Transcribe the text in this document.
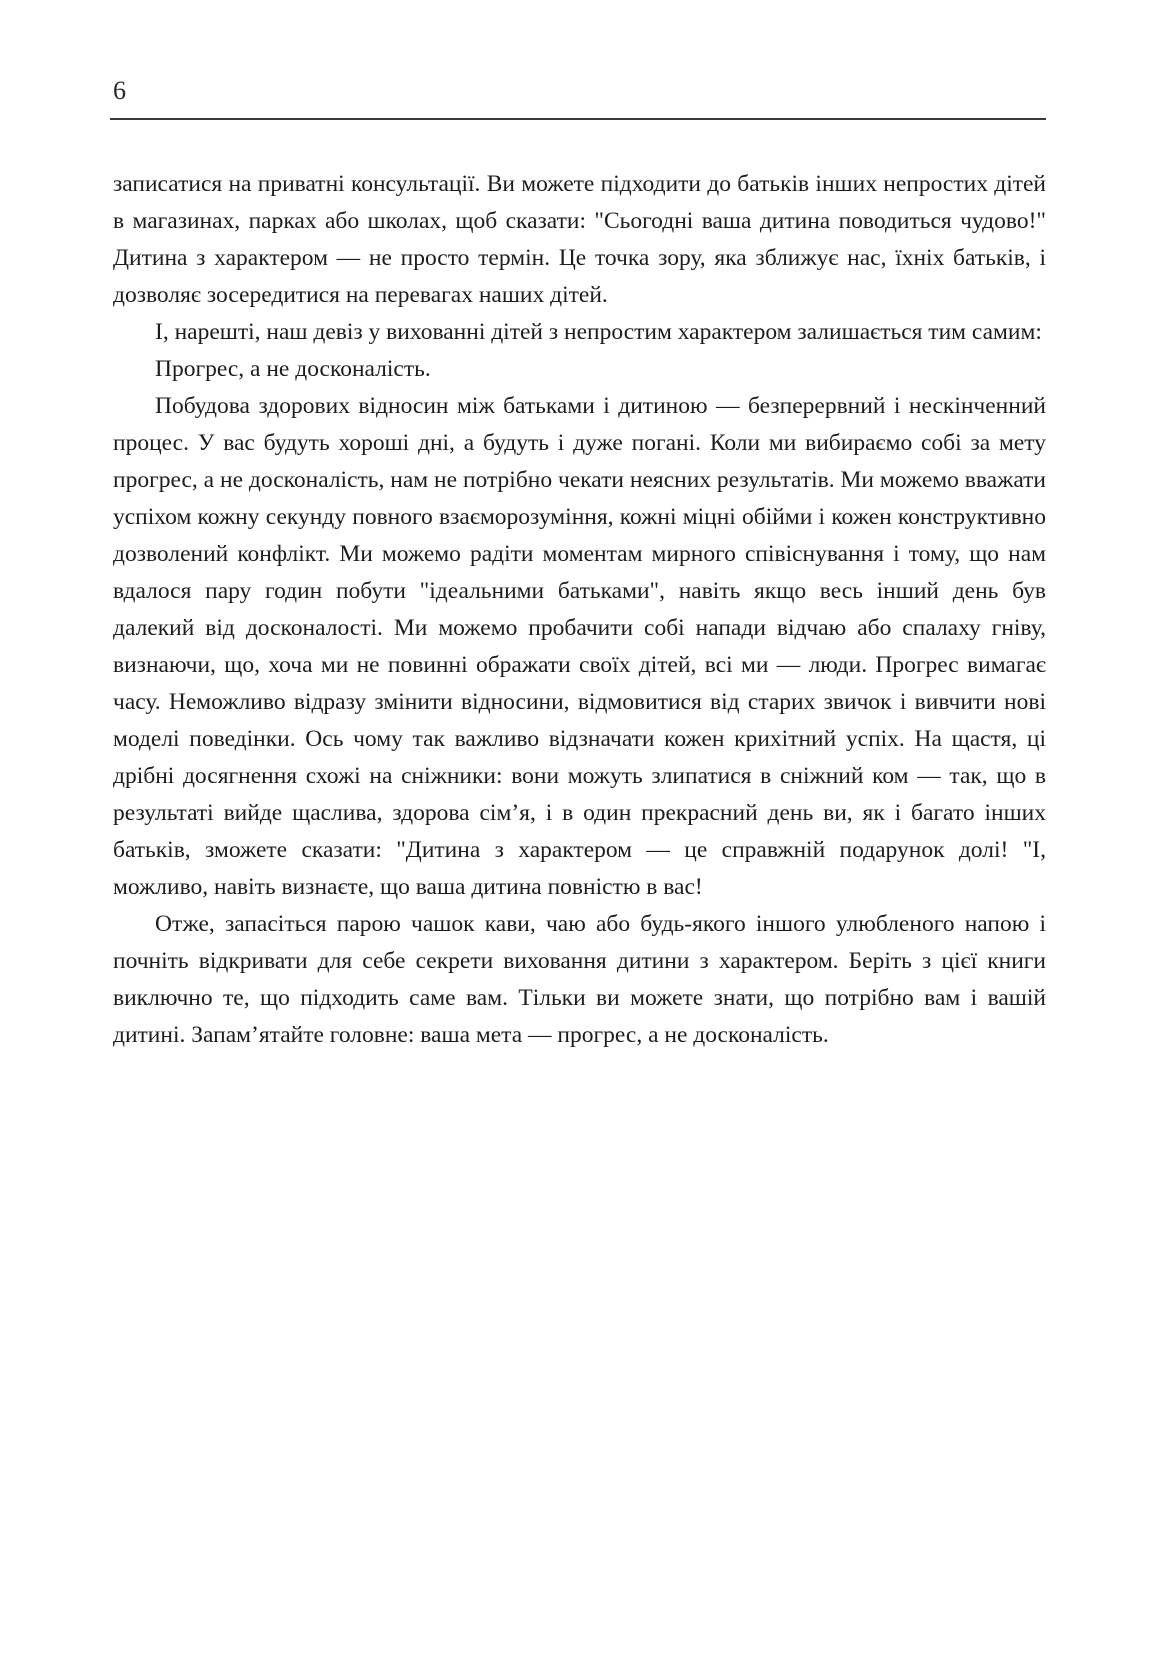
6

записатися на приватні консультації. Ви можете підходити до батьків інших непростих дітей в магазинах, парках або школах, щоб сказати: "Сьогодні ваша дитина поводиться чудово!" Дитина з характером — не просто термін. Це точка зору, яка зближує нас, їхніх батьків, і дозволяє зосередитися на перевагах наших дітей.

І, нарешті, наш девіз у вихованні дітей з непростим характером залишається тим самим:

Прогрес, а не досконалість.

Побудова здорових відносин між батьками і дитиною — безперервний і нескінченний процес. У вас будуть хороші дні, а будуть і дуже погані. Коли ми вибираємо собі за мету прогрес, а не досконалість, нам не потрібно чекати неясних результатів. Ми можемо вважати успіхом кожну секунду повного взаєморозуміння, кожні міцні обійми і кожен конструктивно дозволений конфлікт. Ми можемо радіти моментам мирного співіснування і тому, що нам вдалося пару годин побути "ідеальними батьками", навіть якщо весь інший день був далекий від досконалості. Ми можемо пробачити собі напади відчаю або спалаху гніву, визнаючи, що, хоча ми не повинні ображати своїх дітей, всі ми — люди. Прогрес вимагає часу. Неможливо відразу змінити відносини, відмовитися від старих звичок і вивчити нові моделі поведінки. Ось чому так важливо відзначати кожен крихітний успіх. На щастя, ці дрібні досягнення схожі на сніжники: вони можуть злипатися в сніжний ком — так, що в результаті вийде щаслива, здорова сім’я, і в один прекрасний день ви, як і багато інших батьків, зможете сказати: "Дитина з характером — це справжній подарунок долі! "І, можливо, навіть визнаєте, що ваша дитина повністю в вас!

Отже, запасіться парою чашок кави, чаю або будь-якого іншого улюбленого напою і почніть відкривати для себе секрети виховання дитини з характером. Беріть з цієї книги виключно те, що підходить саме вам. Тільки ви можете знати, що потрібно вам і вашій дитині. Запам’ятайте головне: ваша мета — прогрес, а не досконалість.
